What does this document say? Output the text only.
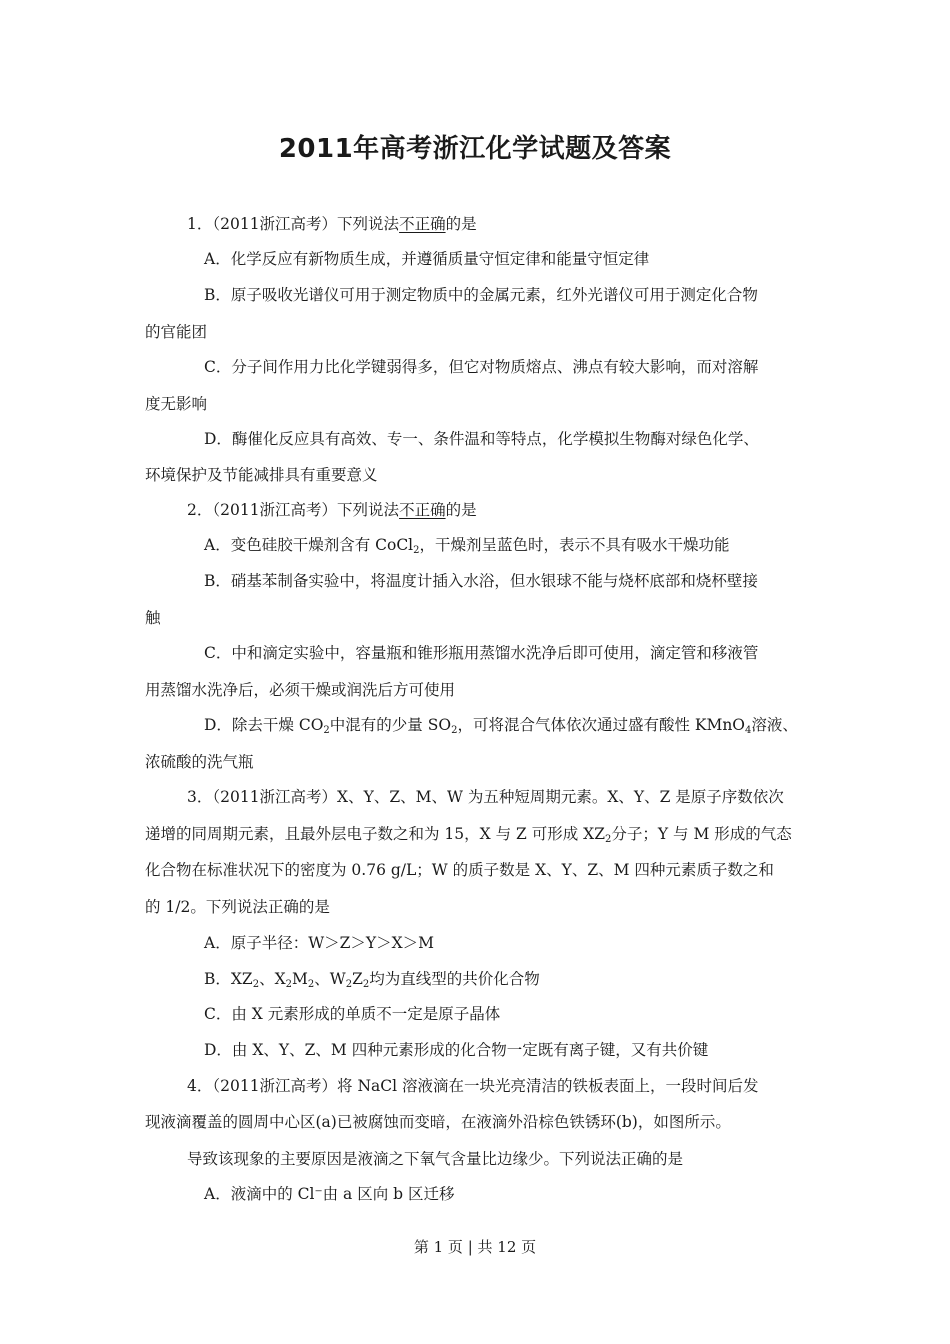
2011年高考浙江化学试题及答案
1．（2011浙江高考）下列说法不正确的是
A．化学反应有新物质生成，并遵循质量守恒定律和能量守恒定律
B．原子吸收光谱仪可用于测定物质中的金属元素，红外光谱仪可用于测定化合物
的官能团
C．分子间作用力比化学键弱得多，但它对物质熔点、沸点有较大影响，而对溶解
度无影响
D．酶催化反应具有高效、专一、条件温和等特点，化学模拟生物酶对绿色化学、
环境保护及节能减排具有重要意义
2．（2011浙江高考）下列说法不正确的是
A．变色硅胶干燥剂含有 CoCl$_2$，干燥剂呈蓝色时，表示不具有吸水干燥功能
B．硝基苯制备实验中，将温度计插入水浴，但水银球不能与烧杯底部和烧杯壁接
触
C．中和滴定实验中，容量瓶和锥形瓶用蒸馏水洗净后即可使用，滴定管和移液管
用蒸馏水洗净后，必须干燥或润洗后方可使用
D．除去干燥 $CO_2$中混有的少量 $SO_2$，可将混合气体依次通过盛有酸性 KMnO$_4$溶液、
浓硫酸的洗气瓶
3．（2011浙江高考）X、Y、Z、M、W 为五种短周期元素。X、Y、Z 是原子序数依次
递增的同周期元素，且最外层电子数之和为 15，X 与 Z 可形成 $XZ_2$分子；Y 与 M 形成的气态
化合物在标准状况下的密度为 0.76 g/L；W 的质子数是 X、Y、Z、M 四种元素质子数之和
的 1/2。下列说法正确的是
A．原子半径：W＞Z＞Y＞X＞M
B．$XZ_2$、$X_2M_2$、$W_2Z_2$均为直线型的共价化合物
C．由 X 元素形成的单质不一定是原子晶体
D．由 X、Y、Z、M 四种元素形成的化合物一定既有离子键，又有共价键
4．（2011浙江高考）将 NaCl 溶液滴在一块光亮清洁的铁板表面上，一段时间后发
现液滴覆盖的圆周中心区(a)已被腐蚀而变暗，在液滴外沿棕色铁锈环(b)，如图所示。
导致该现象的主要原因是液滴之下氧气含量比边缘少。下列说法正确的是
A．液滴中的 Cl⁻由 a 区向 b 区迁移
第 1 页 | 共 12 页
